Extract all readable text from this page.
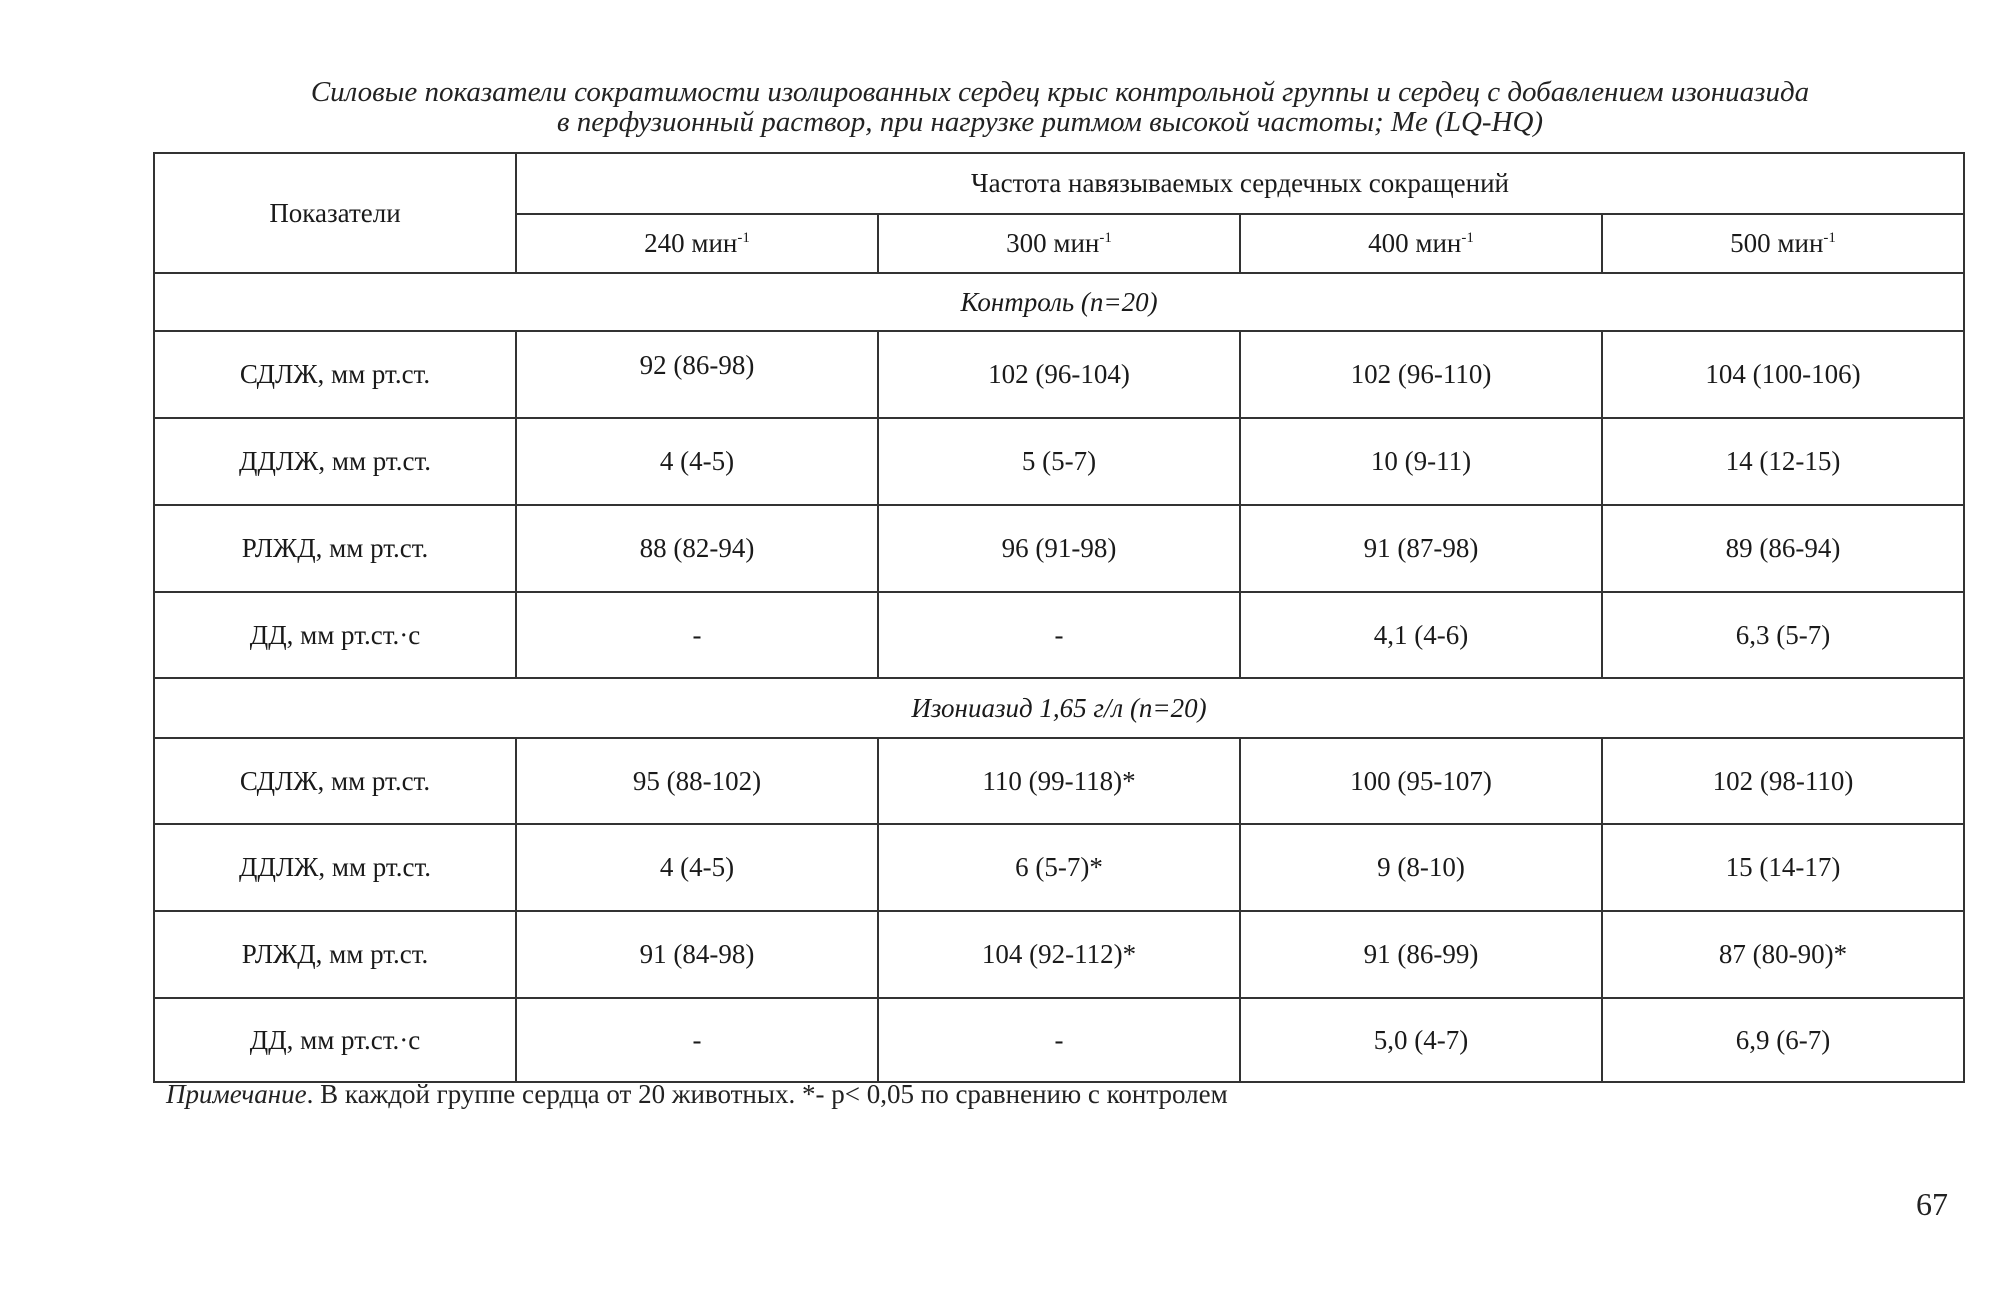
Силовые показатели сократимости изолированных сердец крыс контрольной группы и сердец с добавлением изониазида
в перфузионный раствор, при нагрузке ритмом высокой частоты; Me (LQ-HQ)
Показатели	Частота навязываемых сердечных сокращений			
	240 мин$^{-1}$	300 мин$^{-1}$	400 мин$^{-1}$	500 мин$^{-1}$
Контроль (n=20)				
СДЛЖ, мм рт.ст.	92 (86-98)	102 (96-104)	102 (96-110)	104 (100-106)
ДДЛЖ, мм рт.ст.	4 (4-5)	5 (5-7)	10 (9-11)	14 (12-15)
РЛЖД, мм рт.ст.	88 (82-94)	96 (91-98)	91 (87-98)	89 (86-94)
ДД, мм рт.ст.·с	-	-	4,1 (4-6)	6,3 (5-7)
Изониазид 1,65 г/л (n=20)				
СДЛЖ, мм рт.ст.	95 (88-102)	110 (99-118)*	100 (95-107)	102 (98-110)
ДДЛЖ, мм рт.ст.	4 (4-5)	6 (5-7)*	9 (8-10)	15 (14-17)
РЛЖД, мм рт.ст.	91 (84-98)	104 (92-112)*	91 (86-99)	87 (80-90)*
ДД, мм рт.ст.·с	-	-	5,0 (4-7)	6,9 (6-7)
Примечание. В каждой группе сердца от 20 животных. *- p< 0,05 по сравнению с контролем
67
